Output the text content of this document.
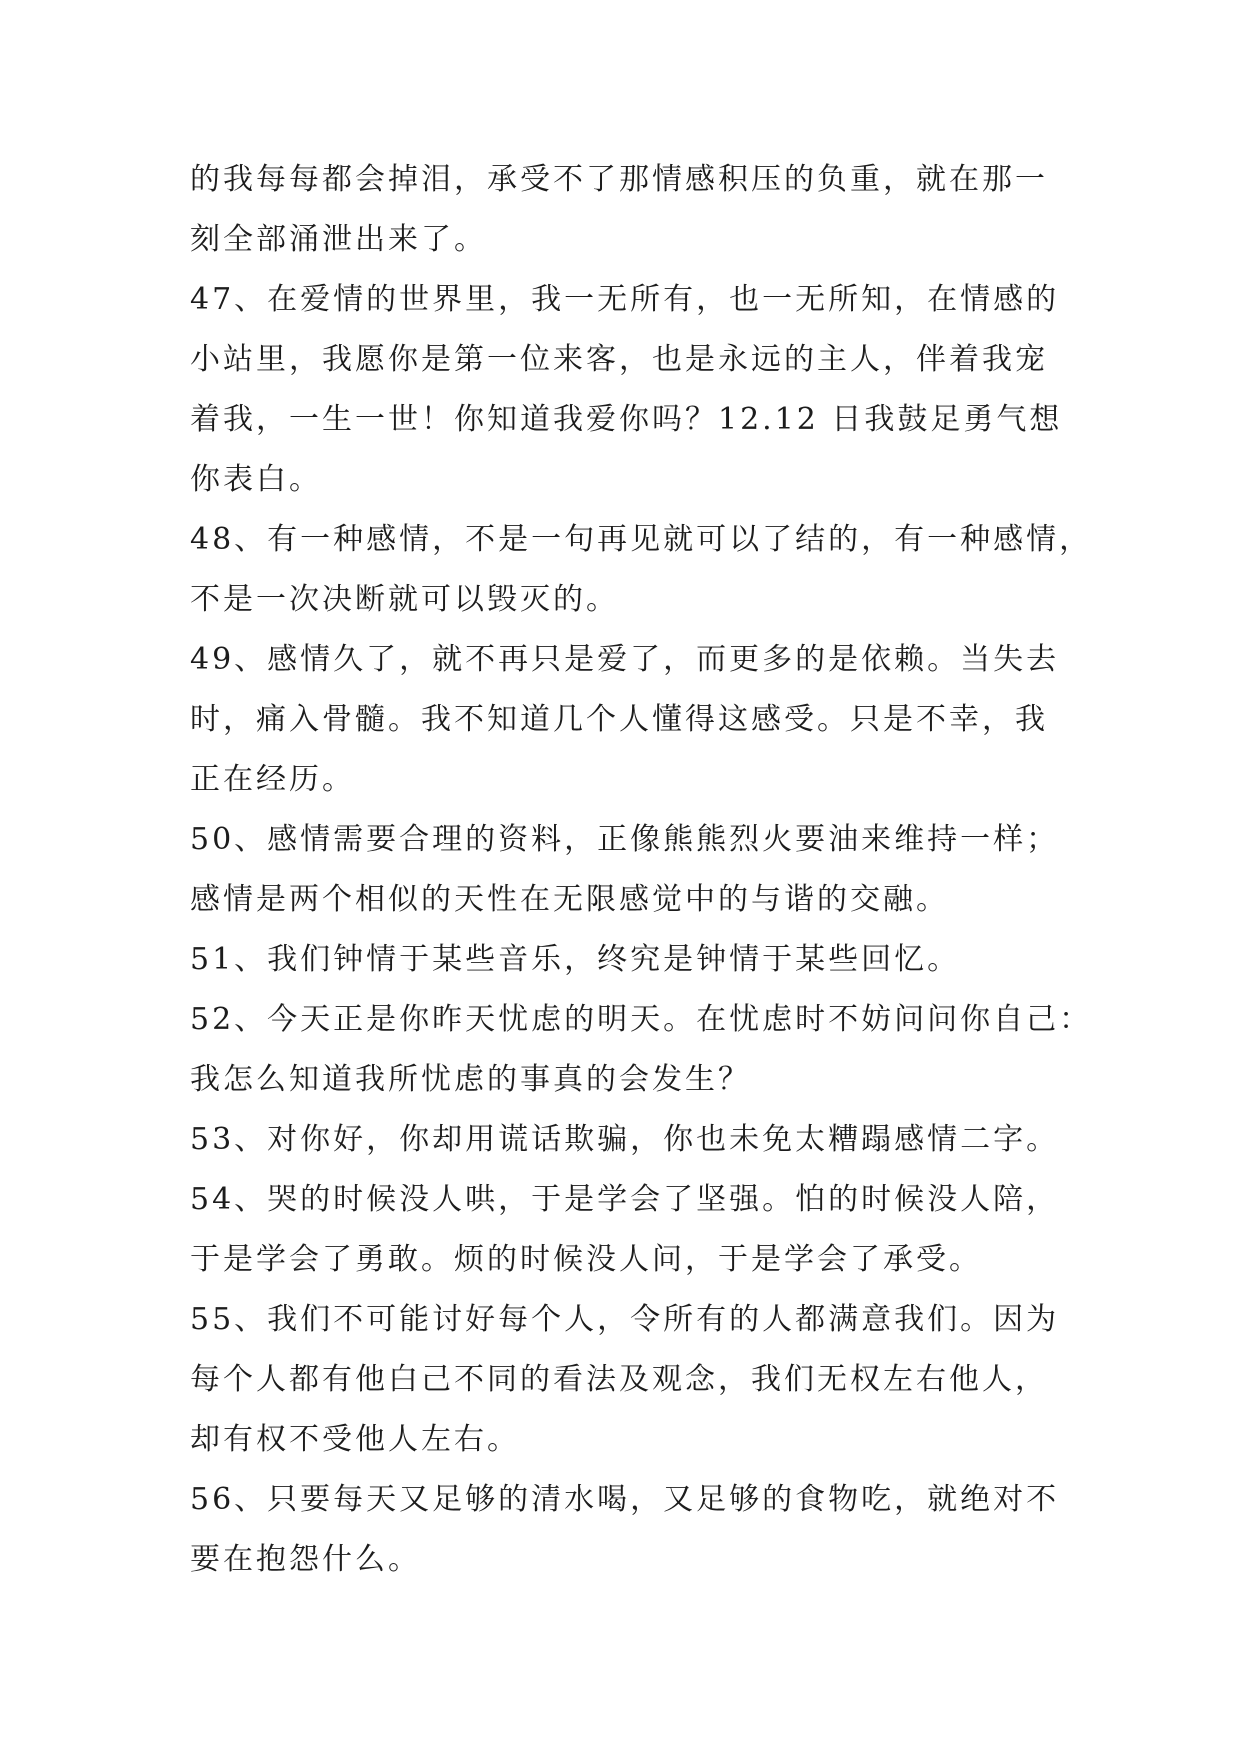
的我每每都会掉泪，承受不了那情感积压的负重，就在那一
刻全部涌泄出来了。
47、在爱情的世界里，我一无所有，也一无所知，在情感的
小站里，我愿你是第一位来客，也是永远的主人，伴着我宠
着我，一生一世！你知道我爱你吗？12.12 日我鼓足勇气想
你表白。
48、有一种感情，不是一句再见就可以了结的，有一种感情，
不是一次决断就可以毁灭的。
49、感情久了，就不再只是爱了，而更多的是依赖。当失去
时，痛入骨髓。我不知道几个人懂得这感受。只是不幸，我
正在经历。
50、感情需要合理的资料，正像熊熊烈火要油来维持一样；
感情是两个相似的天性在无限感觉中的与谐的交融。
51、我们钟情于某些音乐，终究是钟情于某些回忆。
52、今天正是你昨天忧虑的明天。在忧虑时不妨问问你自己：
我怎么知道我所忧虑的事真的会发生？
53、对你好，你却用谎话欺骗，你也未免太糟蹋感情二字。
54、哭的时候没人哄，于是学会了坚强。怕的时候没人陪，
于是学会了勇敢。烦的时候没人问，于是学会了承受。
55、我们不可能讨好每个人，令所有的人都满意我们。因为
每个人都有他白己不同的看法及观念，我们无权左右他人，
却有权不受他人左右。
56、只要每天又足够的清水喝，又足够的食物吃，就绝对不
要在抱怨什么。
